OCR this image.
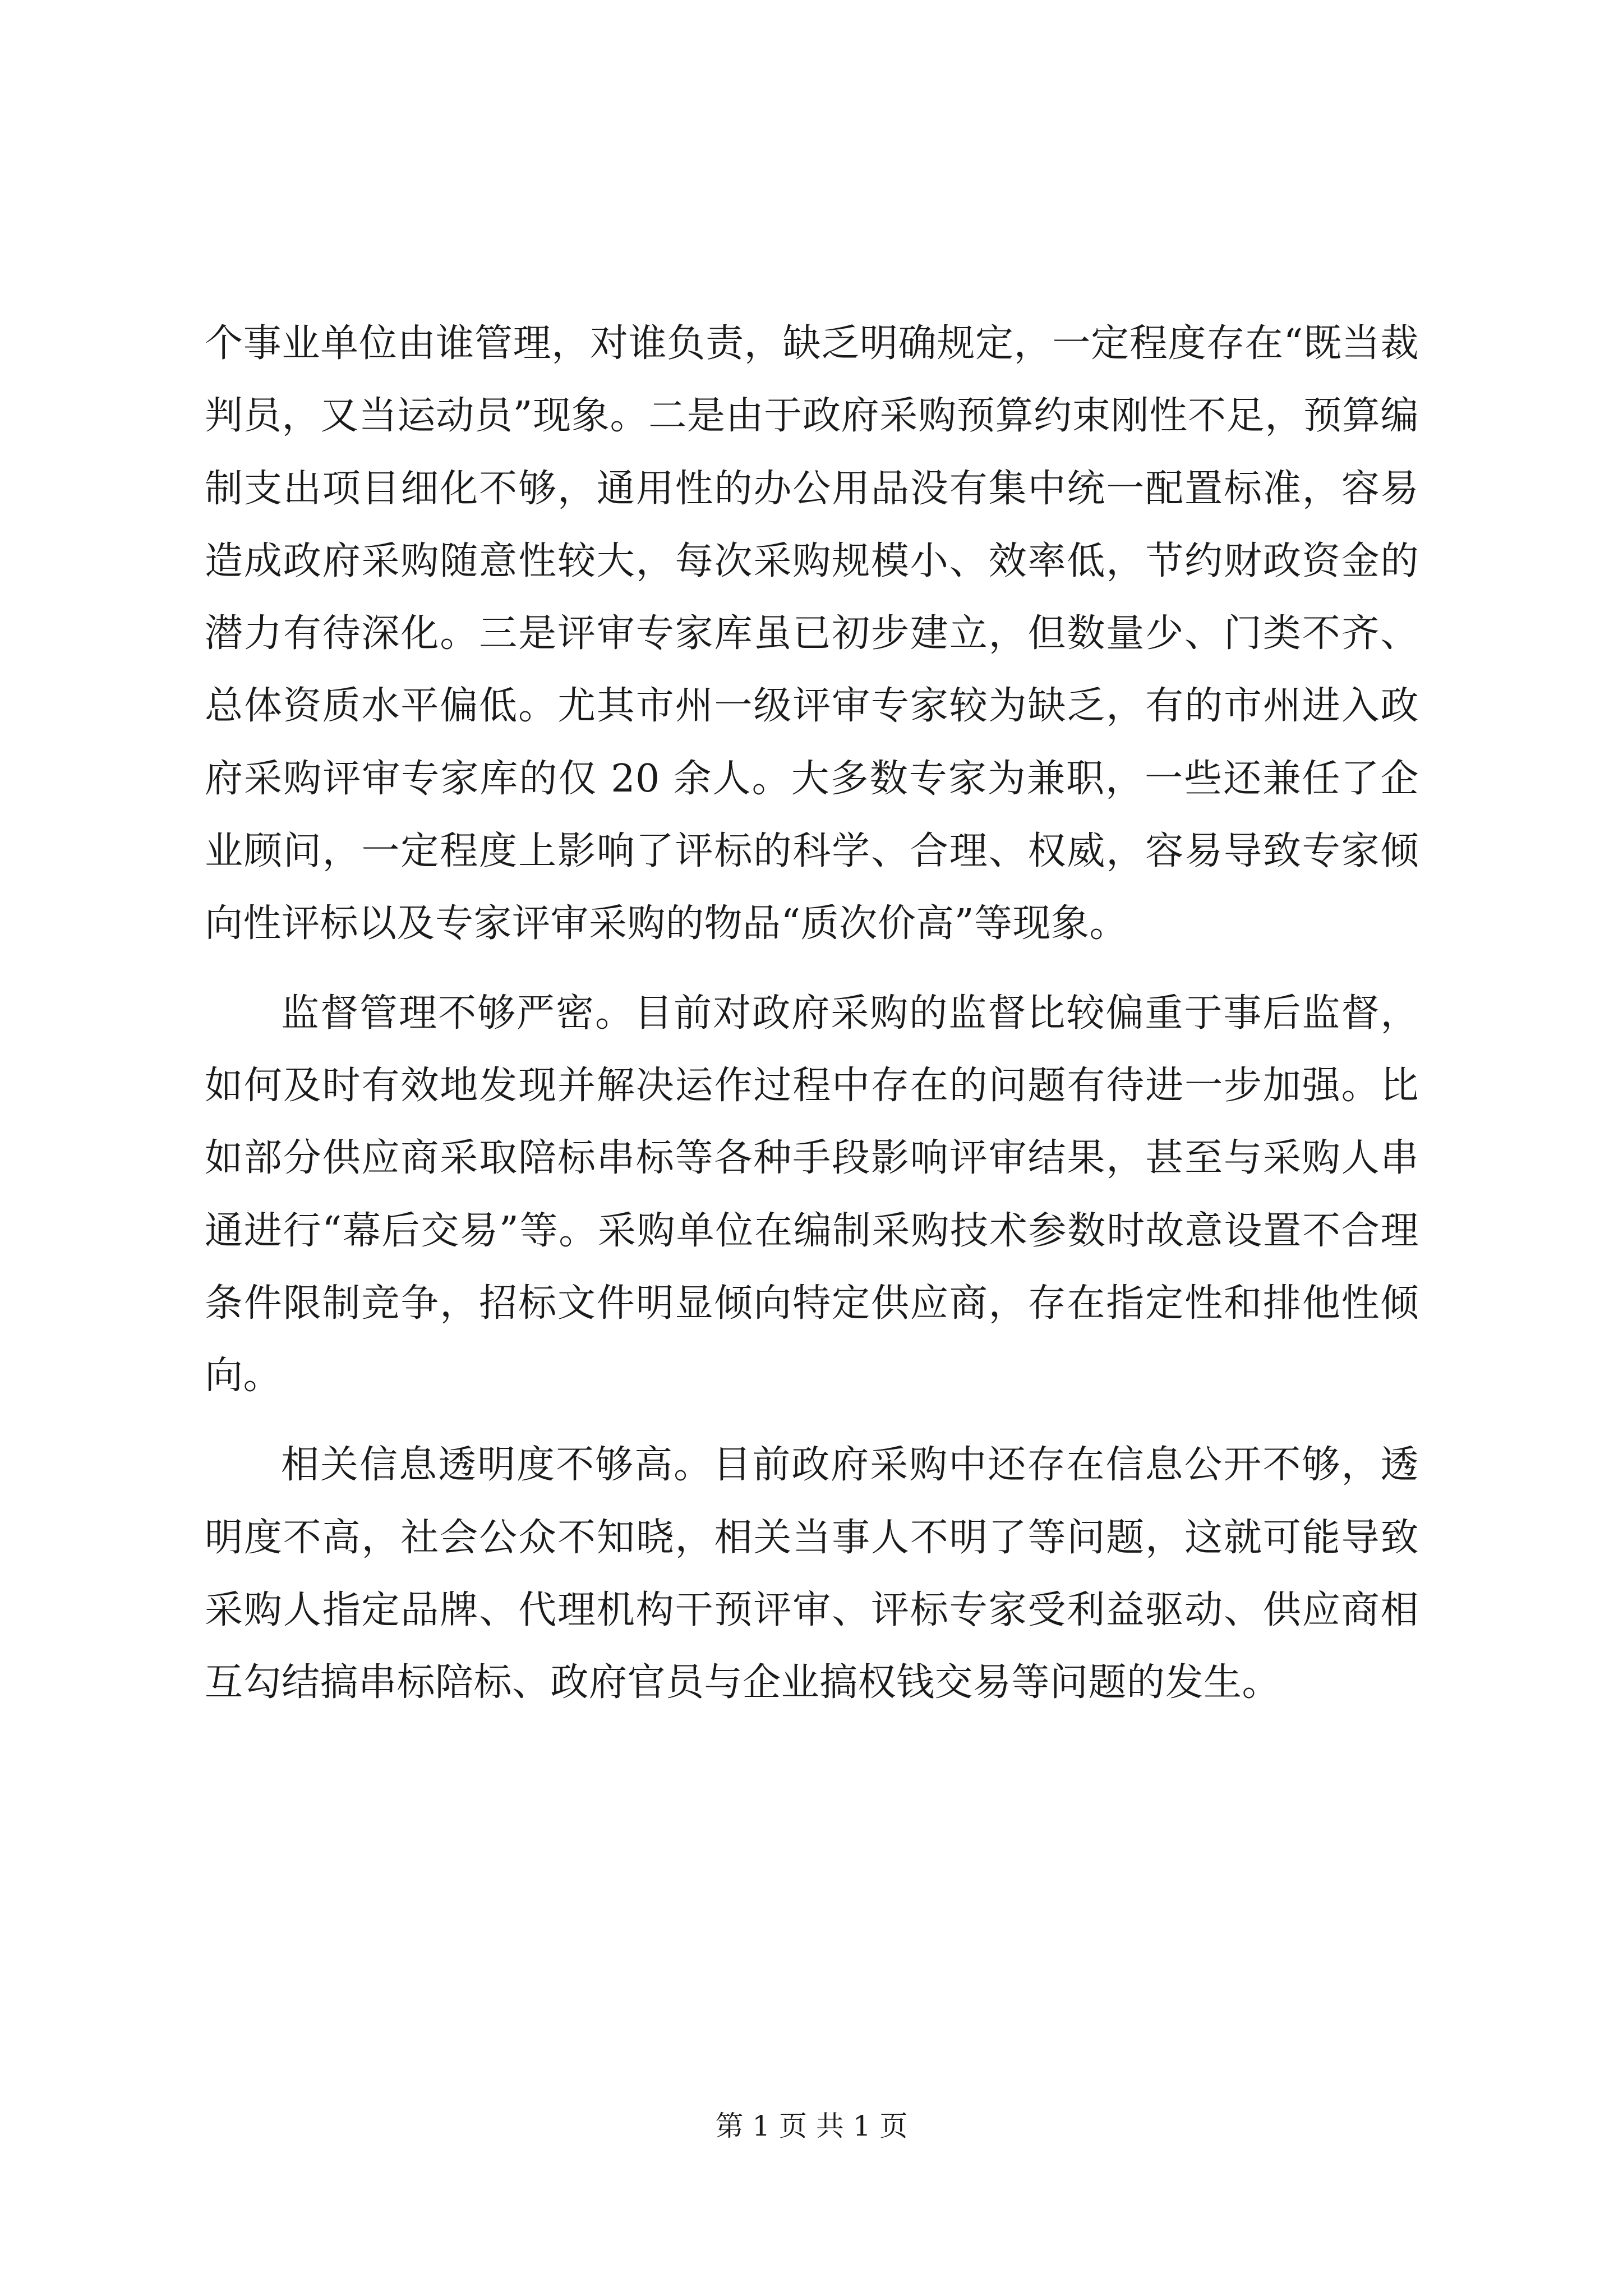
个事业单位由谁管理，对谁负责，缺乏明确规定，一定程度存在“既当裁判员，又当运动员”现象。二是由于政府采购预算约束刚性不足，预算编制支出项目细化不够，通用性的办公用品没有集中统一配置标准，容易造成政府采购随意性较大，每次采购规模小、效率低，节约财政资金的潜力有待深化。三是评审专家库虽已初步建立，但数量少、门类不齐、总体资质水平偏低。尤其市州一级评审专家较为缺乏，有的市州进入政府采购评审专家库的仅 20 余人。大多数专家为兼职，一些还兼任了企业顾问，一定程度上影响了评标的科学、合理、权威，容易导致专家倾向性评标以及专家评审采购的物品“质次价高”等现象。

监督管理不够严密。目前对政府采购的监督比较偏重于事后监督，如何及时有效地发现并解决运作过程中存在的问题有待进一步加强。比如部分供应商采取陪标串标等各种手段影响评审结果，甚至与采购人串通进行“幕后交易”等。采购单位在编制采购技术参数时故意设置不合理条件限制竞争，招标文件明显倾向特定供应商，存在指定性和排他性倾向。

相关信息透明度不够高。目前政府采购中还存在信息公开不够，透明度不高，社会公众不知晓，相关当事人不明了等问题，这就可能导致采购人指定品牌、代理机构干预评审、评标专家受利益驱动、供应商相互勾结搞串标陪标、政府官员与企业搞权钱交易等问题的发生。

第 1 页 共 1 页
